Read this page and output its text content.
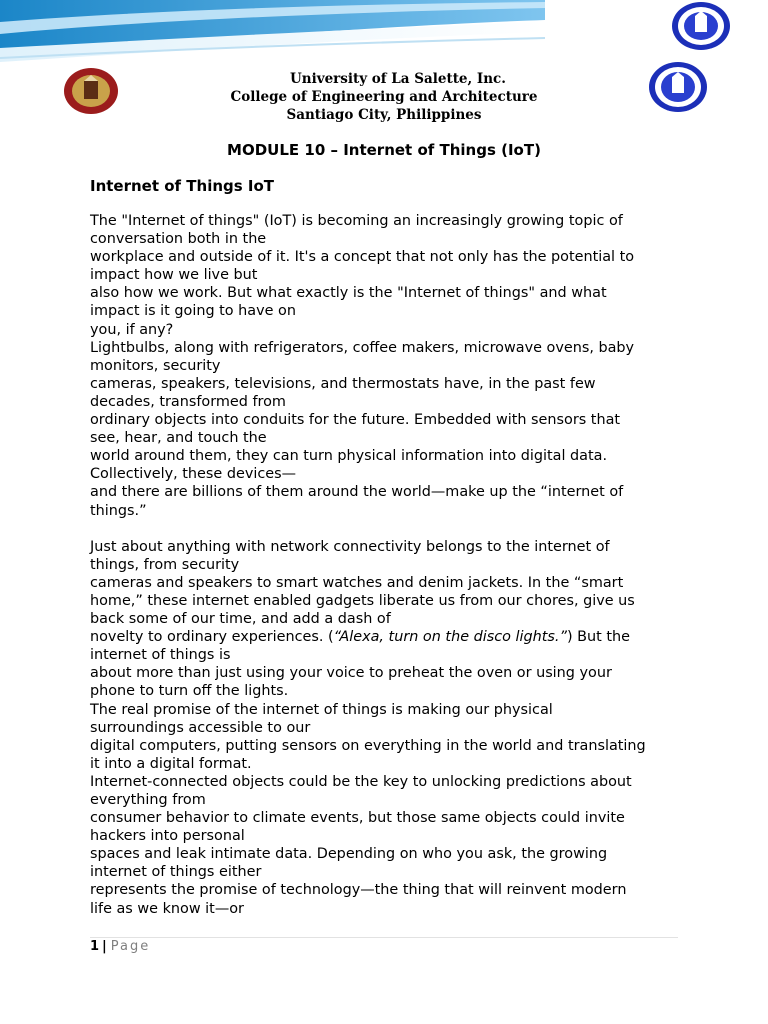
University of La Salette, Inc.
College of Engineering and Architecture
Santiago City, Philippines
MODULE 10 – Internet of Things (IoT)

Internet of Things IoT

The "Internet of things" (IoT) is becoming an increasingly growing topic of

conversation both in the

workplace and outside of it. It's a concept that not only has the potential to

impact how we live but

also how we work. But what exactly is the "Internet of things" and what

impact is it going to have on

you, if any?

Lightbulbs, along with refrigerators, coffee makers, microwave ovens, baby

monitors, security

cameras, speakers, televisions, and thermostats have, in the past few

decades, transformed from

ordinary objects into conduits for the future. Embedded with sensors that

see, hear, and touch the

world around them, they can turn physical information into digital data.

Collectively, these devices—

and there are billions of them around the world—make up the “internet of

things.”

Just about anything with network connectivity belongs to the internet of

things, from security

cameras and speakers to smart watches and denim jackets. In the “smart

home,” these internet enabled gadgets liberate us from our chores, give us

back some of our time, and add a dash of

novelty to ordinary experiences. (“Alexa, turn on the disco lights.”) But the

internet of things is

about more than just using your voice to preheat the oven or using your

phone to turn off the lights.

The real promise of the internet of things is making our physical

surroundings accessible to our

digital computers, putting sensors on everything in the world and translating

it into a digital format.

Internet-connected objects could be the key to unlocking predictions about

everything from

consumer behavior to climate events, but those same objects could invite

hackers into personal

spaces and leak intimate data. Depending on who you ask, the growing

internet of things either

represents the promise of technology—the thing that will reinvent modern

life as we know it—or

1 | Page
